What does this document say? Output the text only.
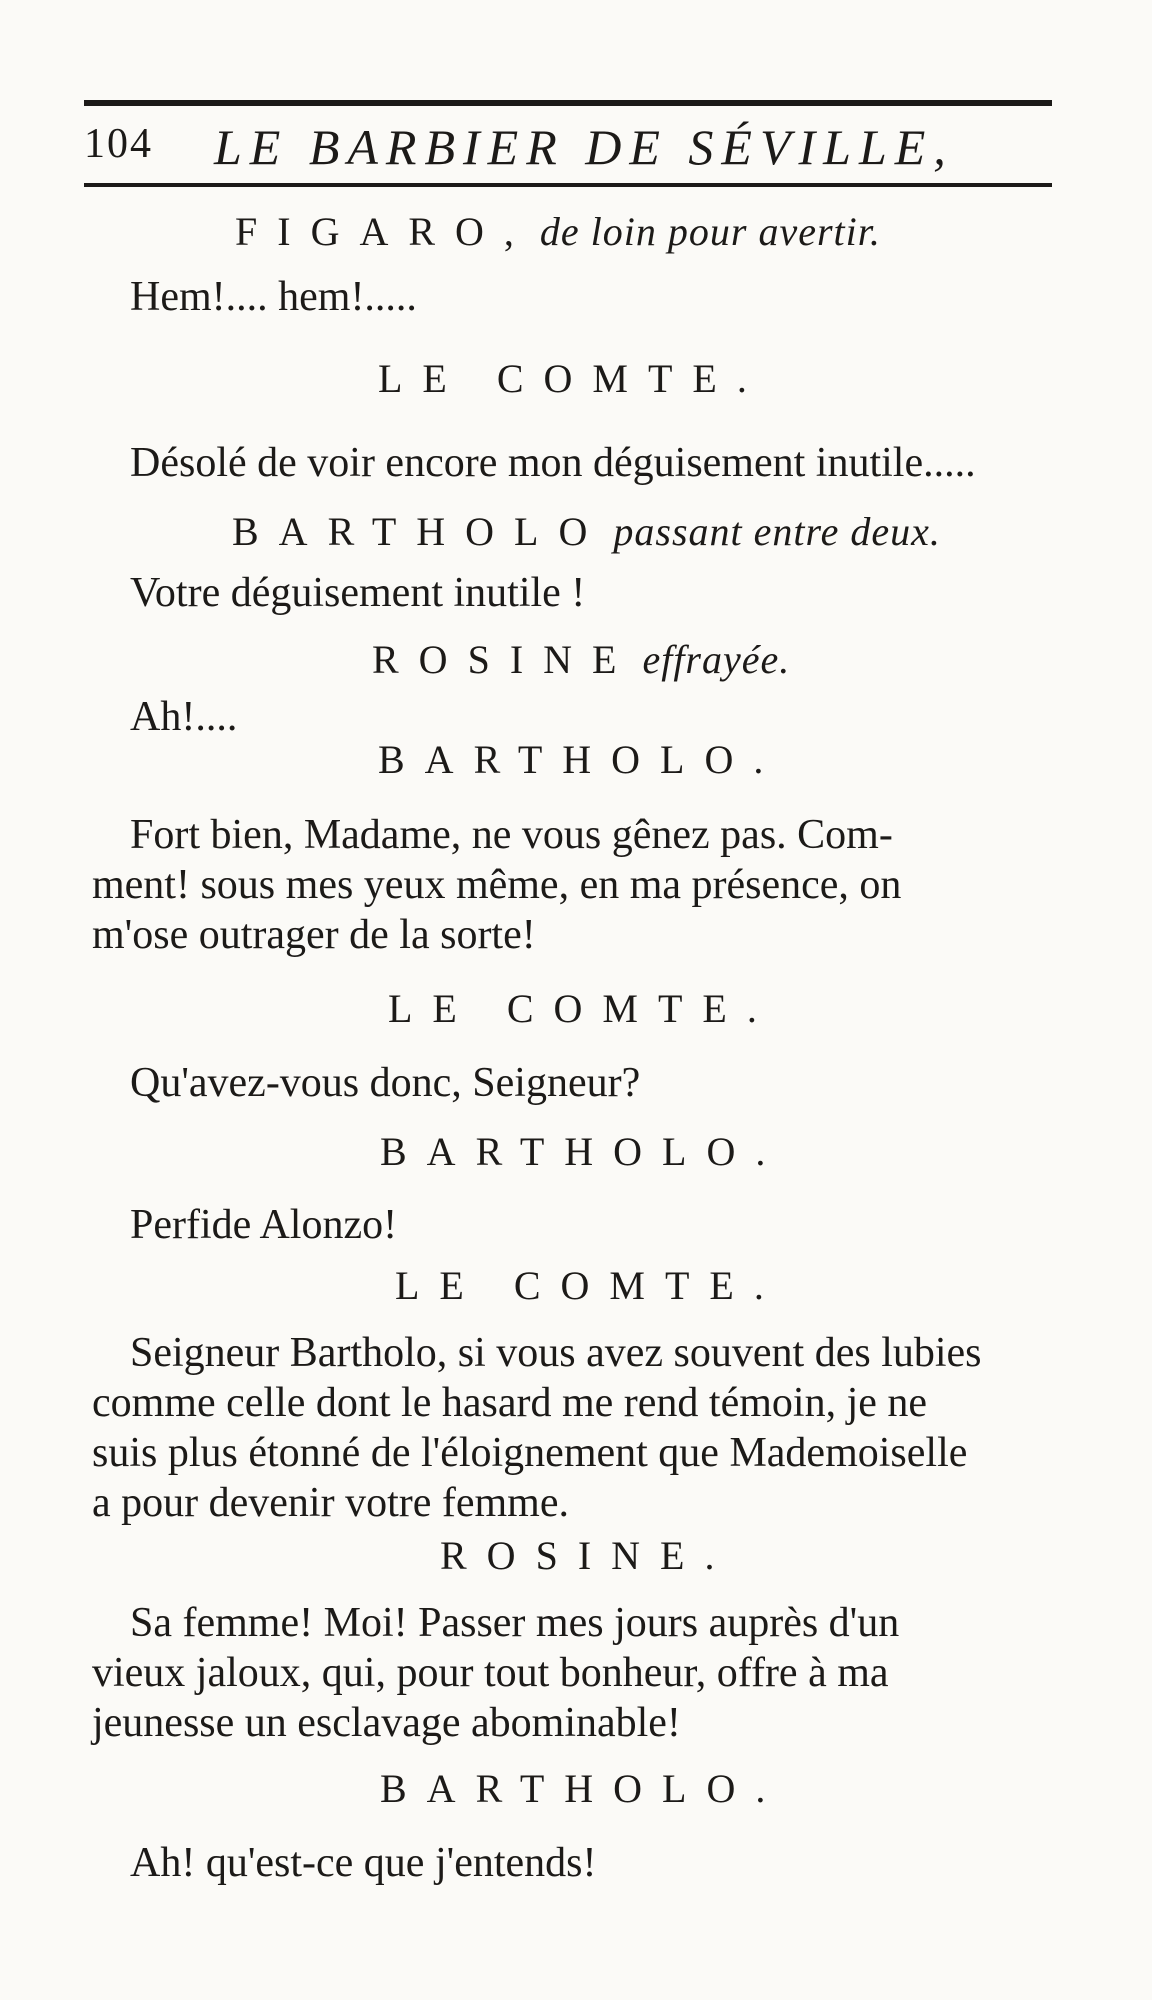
104 LE BARBIER DE SÉVILLE,
FIGARO, de loin pour avertir.
Hem!.... hem!.....
LE COMTE.
Désolé de voir encore mon déguisement inutile.....
BARTHOLO passant entre deux.
Votre déguisement inutile !
ROSINE effrayée.
Ah!....
BARTHOLO.
Fort bien, Madame, ne vous gênez pas. Com-
ment! sous mes yeux même, en ma présence, on
m'ose outrager de la sorte!
LE COMTE.
Qu'avez-vous donc, Seigneur?
BARTHOLO.
Perfide Alonzo!
LE COMTE.
Seigneur Bartholo, si vous avez souvent des lubies
comme celle dont le hasard me rend témoin, je ne
suis plus étonné de l'éloignement que Mademoiselle
a pour devenir votre femme.
ROSINE.
Sa femme! Moi! Passer mes jours auprès d'un
vieux jaloux, qui, pour tout bonheur, offre à ma
jeunesse un esclavage abominable!
BARTHOLO.
Ah! qu'est-ce que j'entends!
